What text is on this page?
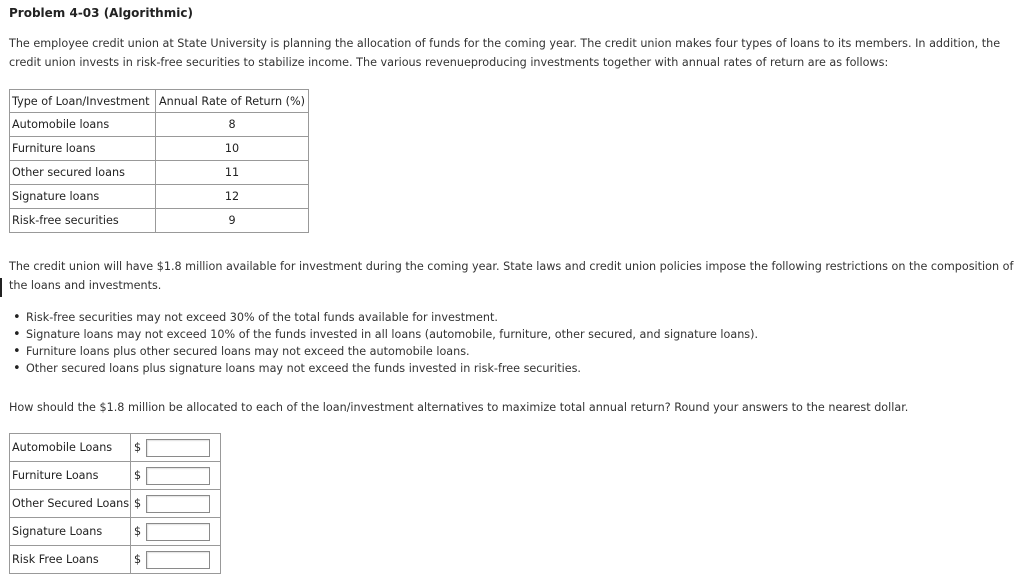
Problem 4-03 (Algorithmic)
The employee credit union at State University is planning the allocation of funds for the coming year. The credit union makes four types of loans to its members. In addition, the credit union invests in risk-free securities to stabilize income. The various revenueproducing investments together with annual rates of return are as follows:
Type of Loan/Investment	Annual Rate of Return (%)
Automobile loans	8
Furniture loans	10
Other secured loans	11
Signature loans	12
Risk-free securities	9
The credit union will have $1.8 million available for investment during the coming year. State laws and credit union policies impose the following restrictions on the composition of the loans and investments.
• Risk-free securities may not exceed 30% of the total funds available for investment.
• Signature loans may not exceed 10% of the funds invested in all loans (automobile, furniture, other secured, and signature loans).
• Furniture loans plus other secured loans may not exceed the automobile loans.
• Other secured loans plus signature loans may not exceed the funds invested in risk-free securities.
How should the $1.8 million be allocated to each of the loan/investment alternatives to maximize total annual return? Round your answers to the nearest dollar.
Automobile Loans	$	
Furniture Loans	$	
Other Secured Loans	$	
Signature Loans	$	
Risk Free Loans	$	
